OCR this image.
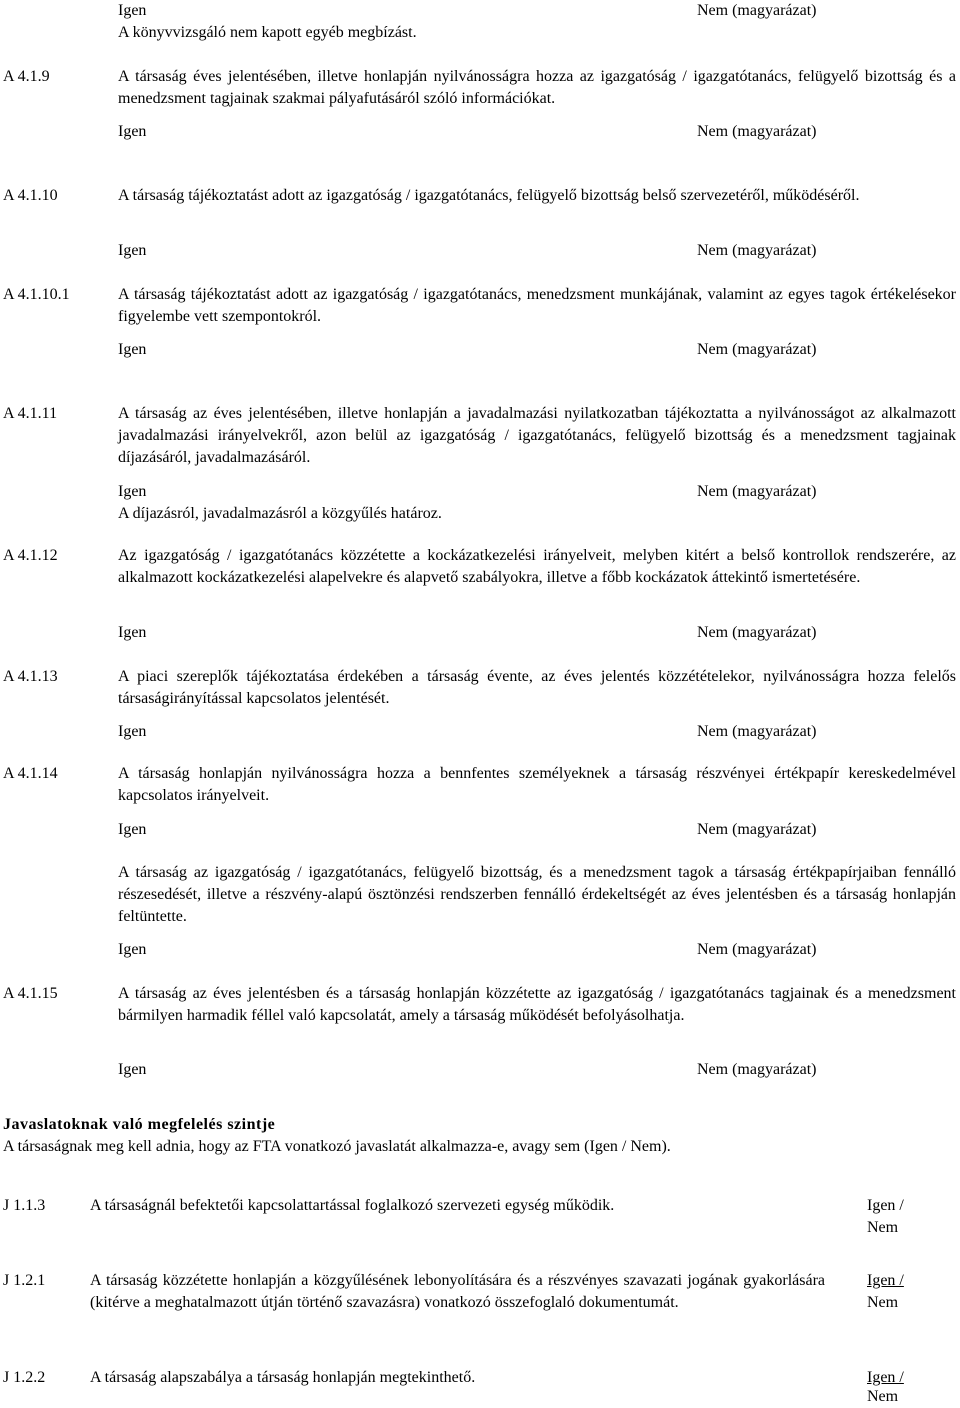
Igen	Nem (magyarázat)
A könyvvizsgáló nem kapott egyéb megbízást.
A 4.1.9	A társaság éves jelentésében, illetve honlapján nyilvánosságra hozza az igazgatóság / igazgatótanács, felügyelő bizottság és a menedzsment tagjainak szakmai pályafutásáról szóló információkat.
Igen	Nem (magyarázat)
A 4.1.10	A társaság tájékoztatást adott az igazgatóság / igazgatótanács, felügyelő bizottság belső szervezetéről, működéséről.
Igen	Nem (magyarázat)
A 4.1.10.1	A társaság tájékoztatást adott az igazgatóság / igazgatótanács, menedzsment munkájának, valamint az egyes tagok értékelésekor figyelembe vett szempontokról.
Igen	Nem (magyarázat)
A 4.1.11	A társaság az éves jelentésében, illetve honlapján a javadalmazási nyilatkozatban tájékoztatta a nyilvánosságot az alkalmazott javadalmazási irányelvekről, azon belül az igazgatóság / igazgatótanács, felügyelő bizottság és a menedzsment tagjainak díjazásáról, javadalmazásáról.
Igen	Nem (magyarázat)
A díjazásról, javadalmazásról a közgyűlés határoz.
A 4.1.12	Az igazgatóság / igazgatótanács közzétette a kockázatkezelési irányelveit, melyben kitért a belső kontrollok rendszerére, az alkalmazott kockázatkezelési alapelvekre és alapvető szabályokra, illetve a főbb kockázatok áttekintő ismertetésére.
Igen	Nem (magyarázat)
A 4.1.13	A piaci szereplők tájékoztatása érdekében a társaság évente, az éves jelentés közzétételekor, nyilvánosságra hozza felelős társaságirányítással kapcsolatos jelentését.
Igen	Nem (magyarázat)
A 4.1.14	A társaság honlapján nyilvánosságra hozza a bennfentes személyeknek a társaság részvényei értékpapír kereskedelmével kapcsolatos irányelveit.
Igen	Nem (magyarázat)
A társaság az igazgatóság / igazgatótanács, felügyelő bizottság, és a menedzsment tagok a társaság értékpapírjaiban fennálló részesedését, illetve a részvény-alapú ösztönzési rendszerben fennálló érdekeltségét az éves jelentésben és a társaság honlapján feltüntette.
Igen	Nem (magyarázat)
A 4.1.15	A társaság az éves jelentésben és a társaság honlapján közzétette az igazgatóság / igazgatótanács tagjainak és a menedzsment bármilyen harmadik féllel való kapcsolatát, amely a társaság működését befolyásolhatja.
Igen	Nem (magyarázat)
Javaslatoknak való megfelelés szintje
A társaságnak meg kell adnia, hogy az FTA vonatkozó javaslatát alkalmazza-e, avagy sem (Igen / Nem).
J 1.1.3	A társaságnál befektetői kapcsolattartással foglalkozó szervezeti egység működik.	Igen /
Nem
J 1.2.1	A társaság közzétette honlapján a közgyűlésének lebonyolítására és a részvényes szavazati jogának gyakorlására (kitérve a meghatalmazott útján történő szavazásra) vonatkozó összefoglaló dokumentumát.
Igen /
Nem
J 1.2.2	A társaság alapszabálya a társaság honlapján megtekinthető.	Igen /
Nem
